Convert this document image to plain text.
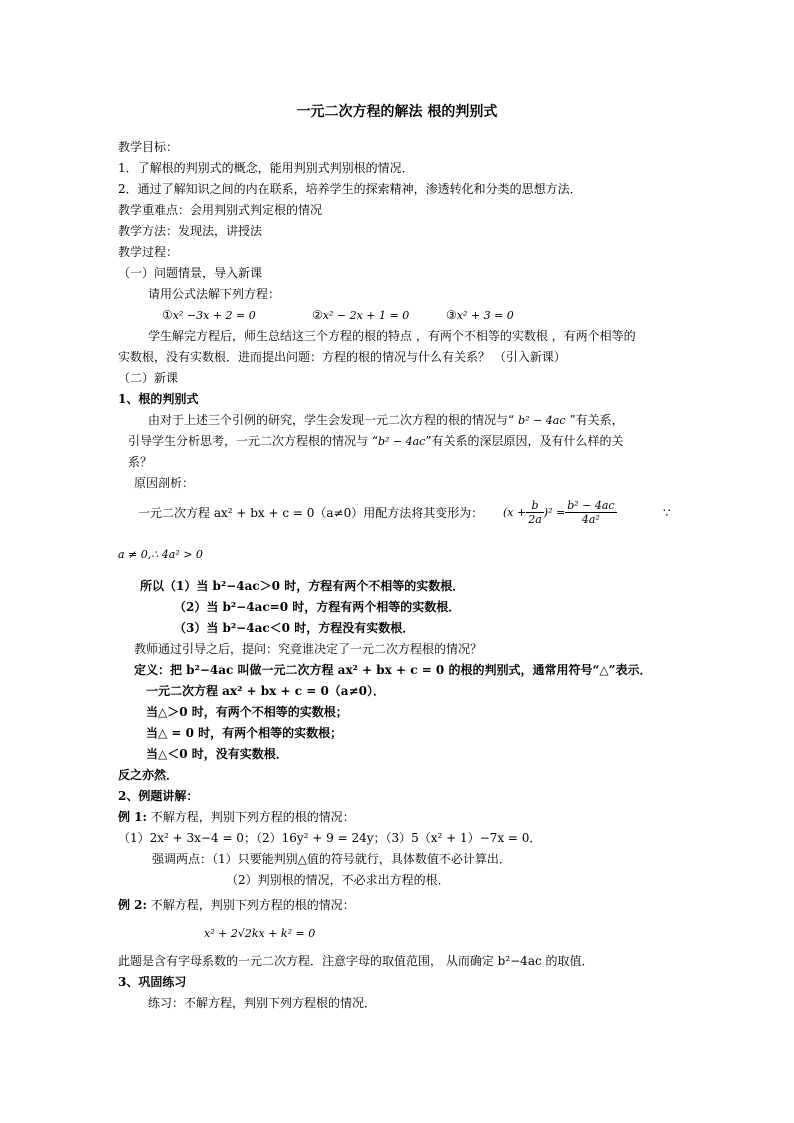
一元二次方程的解法 根的判别式
教学目标：
1．了解根的判别式的概念，能用判别式判别根的情况．
2．通过了解知识之间的内在联系，培养学生的探索精神，渗透转化和分类的思想方法．
教学重难点：会用判别式判定根的情况
教学方法：发现法，讲授法
教学过程：
（一）问题情景，导入新课
请用公式法解下列方程：
①x² −3x + 2 = 0	②x² − 2x + 1 = 0	③x² + 3 = 0
学生解完方程后，师生总结这三个方程的根的特点 ，有两个不相等的实数根 ，有两个相等的
实数根，没有实数根．进而提出问题：方程的根的情况与什么有关系？ （引入新课）
（二）新课
1、根的判别式
由对于上述三个引例的研究，学生会发现一元二次方程的根的情况与“ b² − 4ac ”有关系，
引导学生分析思考，一元二次方程根的情况与 “b² − 4ac”有关系的深层原因，及有什么样的关
系？
原因剖析：
一元二次方程 ax² + bx + c = 0（a≠0）用配方法将其变形为： $(x + \frac{b}{2a} )^2 = \frac{\text{b² − 4ac}}{\text{4a²}}$	∵
a ≠ 0,∴ 4a² > 0
所以（1）当 b²−4ac＞0 时，方程有两个不相等的实数根．
（2）当 b²−4ac=0 时，方程有两个相等的实数根．
（3）当 b²−4ac＜0 时，方程没有实数根．
教师通过引导之后，提问：究竟谁决定了一元二次方程根的情况？
定义：把 b²−4ac 叫做一元二次方程 ax² + bx + c = 0 的根的判别式，通常用符号“△”表示．
一元二次方程 ax² + bx + c = 0（a≠0）．
当△＞0 时，有两个不相等的实数根；
当△ = 0 时，有两个相等的实数根；
当△＜0 时，没有实数根．
反之亦然．
2、例题讲解：
例 1: 不解方程，判别下列方程的根的情况：
（1）2x² + 3x−4 = 0；（2）16y² + 9 = 24y；（3）5（x² + 1）−7x = 0．
强调两点：（1）只要能判别△值的符号就行，具体数值不必计算出．
（2）判别根的情况，不必求出方程的根．
例 2: 不解方程，判别下列方程的根的情况：
x² + 2√2kx + k² = 0
此题是含有字母系数的一元二次方程．注意字母的取值范围， 从而确定 b²−4ac 的取值．
3、巩固练习
练习：不解方程，判别下列方程根的情况．
